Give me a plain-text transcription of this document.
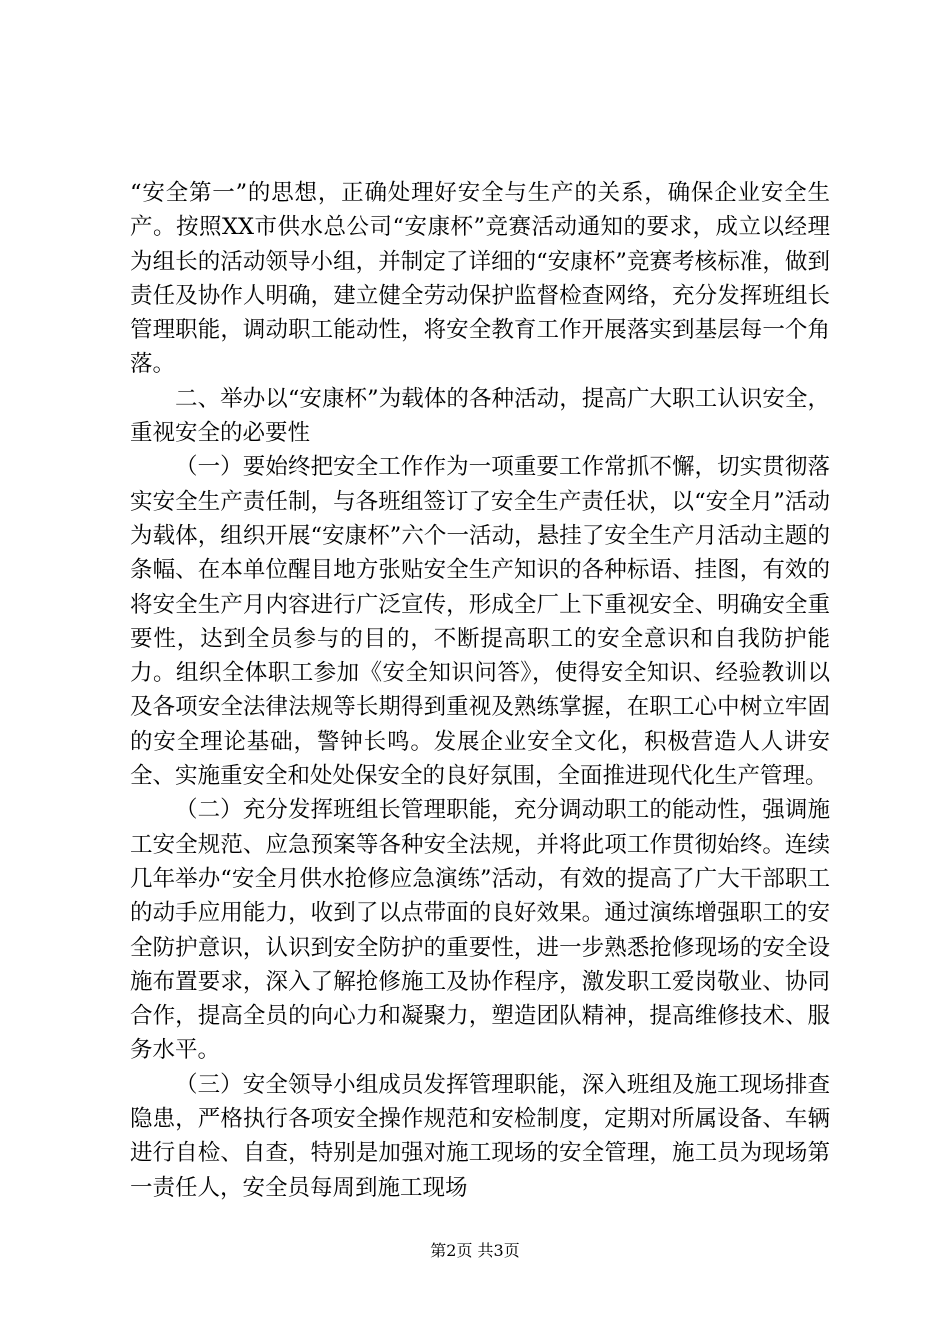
“安全第一”的思想，正确处理好安全与生产的关系，确保企业安全生产。按照XX市供水总公司“安康杯”竞赛活动通知的要求，成立以经理为组长的活动领导小组，并制定了详细的“安康杯”竞赛考核标准，做到责任及协作人明确，建立健全劳动保护监督检查网络，充分发挥班组长管理职能，调动职工能动性，将安全教育工作开展落实到基层每一个角落。

二、举办以“安康杯”为载体的各种活动，提高广大职工认识安全，重视安全的必要性

（一）要始终把安全工作作为一项重要工作常抓不懈，切实贯彻落实安全生产责任制，与各班组签订了安全生产责任状，以“安全月”活动为载体，组织开展“安康杯”六个一活动，悬挂了安全生产月活动主题的条幅、在本单位醒目地方张贴安全生产知识的各种标语、挂图，有效的将安全生产月内容进行广泛宣传，形成全厂上下重视安全、明确安全重要性，达到全员参与的目的，不断提高职工的安全意识和自我防护能力。组织全体职工参加《安全知识问答》，使得安全知识、经验教训以及各项安全法律法规等长期得到重视及熟练掌握，在职工心中树立牢固的安全理论基础，警钟长鸣。发展企业安全文化，积极营造人人讲安全、实施重安全和处处保安全的良好氛围，全面推进现代化生产管理。

（二）充分发挥班组长管理职能，充分调动职工的能动性，强调施工安全规范、应急预案等各种安全法规，并将此项工作贯彻始终。连续几年举办“安全月供水抢修应急演练”活动，有效的提高了广大干部职工的动手应用能力，收到了以点带面的良好效果。通过演练增强职工的安全防护意识，认识到安全防护的重要性，进一步熟悉抢修现场的安全设施布置要求，深入了解抢修施工及协作程序，激发职工爱岗敬业、协同合作，提高全员的向心力和凝聚力，塑造团队精神，提高维修技术、服务水平。

（三）安全领导小组成员发挥管理职能，深入班组及施工现场排查隐患，严格执行各项安全操作规范和安检制度，定期对所属设备、车辆进行自检、自查，特别是加强对施工现场的安全管理，施工员为现场第一责任人，安全员每周到施工现场

第2页 共3页
